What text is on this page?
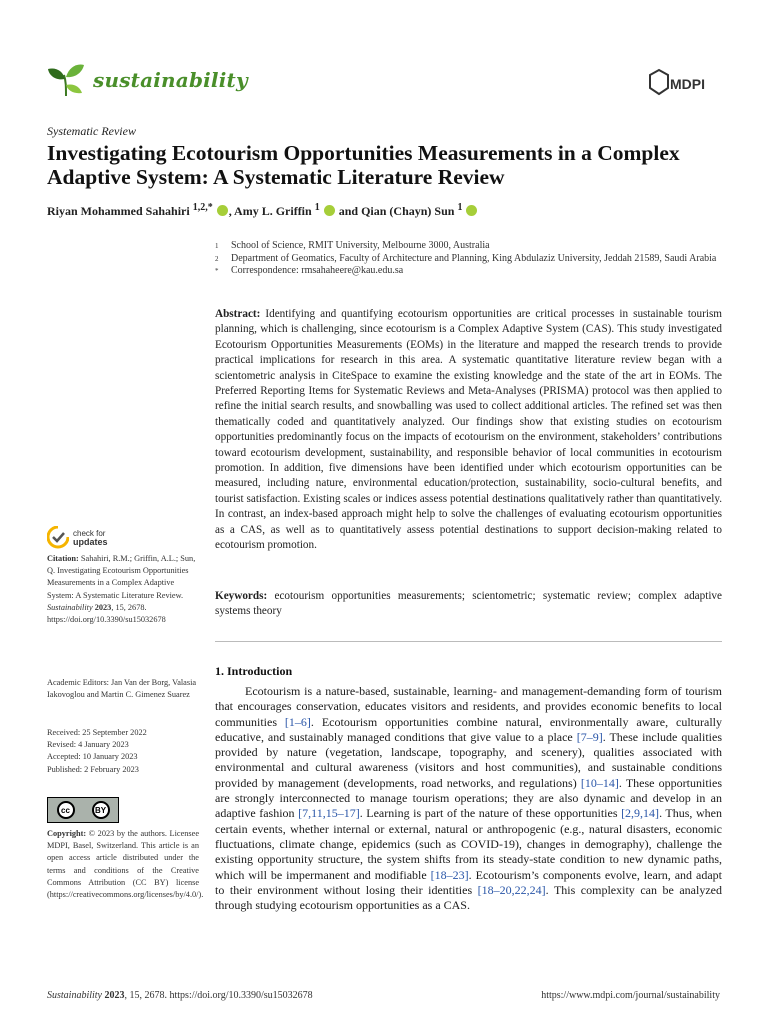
sustainability	MDPI
Systematic Review
Investigating Ecotourism Opportunities Measurements in a Complex Adaptive System: A Systematic Literature Review
Riyan Mohammed Sahahiri $^{1,2,*}$ , Amy L. Griffin $^1$  and Qian (Chayn) Sun $^1$
1	School of Science, RMIT University, Melbourne 3000, Australia
2	Department of Geomatics, Faculty of Architecture and Planning, King Abdulaziz University, Jeddah 21589, Saudi Arabia
*	Correspondence: rmsahaheere@kau.edu.sa

Abstract: Identifying and quantifying ecotourism opportunities are critical processes in sustainable tourism planning, which is challenging, since ecotourism is a Complex Adaptive System (CAS). This study investigated Ecotourism Opportunities Measurements (EOMs) in the literature and mapped the research trends to provide practical implications for research in this area. A systematic quantitative literature review began with a scientometric analysis in CiteSpace to examine the existing knowledge and the state of the art in EOMs. The Preferred Reporting Items for Systematic Reviews and Meta-Analyses (PRISMA) protocol was then applied to refine the initial search results, and snowballing was used to collect additional articles. The refined set was then thematically coded and quantitatively analyzed. Our findings show that existing studies on ecotourism opportunities predominantly focus on the impacts of ecotourism on the environment, stakeholders’ contributions toward ecotourism development, sustainability, and responsible behavior of local communities in ecotourism promotion. In addition, five dimensions have been identified under which ecotourism opportunities can be measured, including nature, environmental education/protection, sustainability, socio-cultural benefits, and tourist satisfaction. Existing scales or indices assess potential destinations qualitatively rather than quantitatively. In contrast, an index-based approach might help to solve the challenges of evaluating ecotourism opportunities as a CAS, as well as to quantitatively assess potential destinations to support decision-making related to ecotourism promotion.

Keywords: ecotourism opportunities measurements; scientometric; systematic review; complex adaptive systems theory
1. Introduction

Ecotourism is a nature-based, sustainable, learning- and management-demanding form of tourism that encourages conservation, educates visitors and residents, and provides economic benefits to local communities [1–6]. Ecotourism opportunities combine natural, environmentally aware, culturally educative, and sustainably managed conditions that give value to a place [7–9]. These include qualities provided by nature (vegetation, landscape, topography, and scenery), qualities associated with environmental and cultural awareness (visitors and host communities), and sustainable conditions provided by management (developments, road networks, and regulations) [10–14]. These opportunities are strongly interconnected to manage tourism operations; they are also dynamic and develop in an adaptive fashion [7,11,15–17]. Learning is part of the nature of these opportunities [2,9,14]. Thus, when certain events, whether internal or external, natural or anthropogenic (e.g., natural disasters, economic fluctuations, climate change, epidemics (such as COVID-19), changes in demography), challenge the existing opportunity structure, the system shifts from its steady-state condition to new dynamic paths, which will be impermanent and modifiable [18–23]. Ecotourism’s components evolve, learn, and adapt to their environment without losing their identities [18–20,22,24]. This complexity can be analyzed through studying ecotourism opportunities as a CAS.

check for
updates
Citation: Sahahiri, R.M.; Griffin, A.L.; Sun, Q. Investigating Ecotourism Opportunities Measurements in a Complex Adaptive System: A Systematic Literature Review. Sustainability 2023, 15, 2678. https://doi.org/10.3390/su15032678
Academic Editors: Jan Van der Borg, Valasia Iakovoglou and Martin C. Gimenez Suarez
Received: 25 September 2022
Revised: 4 January 2023
Accepted: 10 January 2023
Published: 2 February 2023
cc	BY
Copyright: © 2023 by the authors. Licensee MDPI, Basel, Switzerland. This article is an open access article distributed under the terms and conditions of the Creative Commons Attribution (CC BY) license (https://creativecommons.org/licenses/by/4.0/).
Sustainability 2023, 15, 2678. https://doi.org/10.3390/su15032678	https://www.mdpi.com/journal/sustainability
